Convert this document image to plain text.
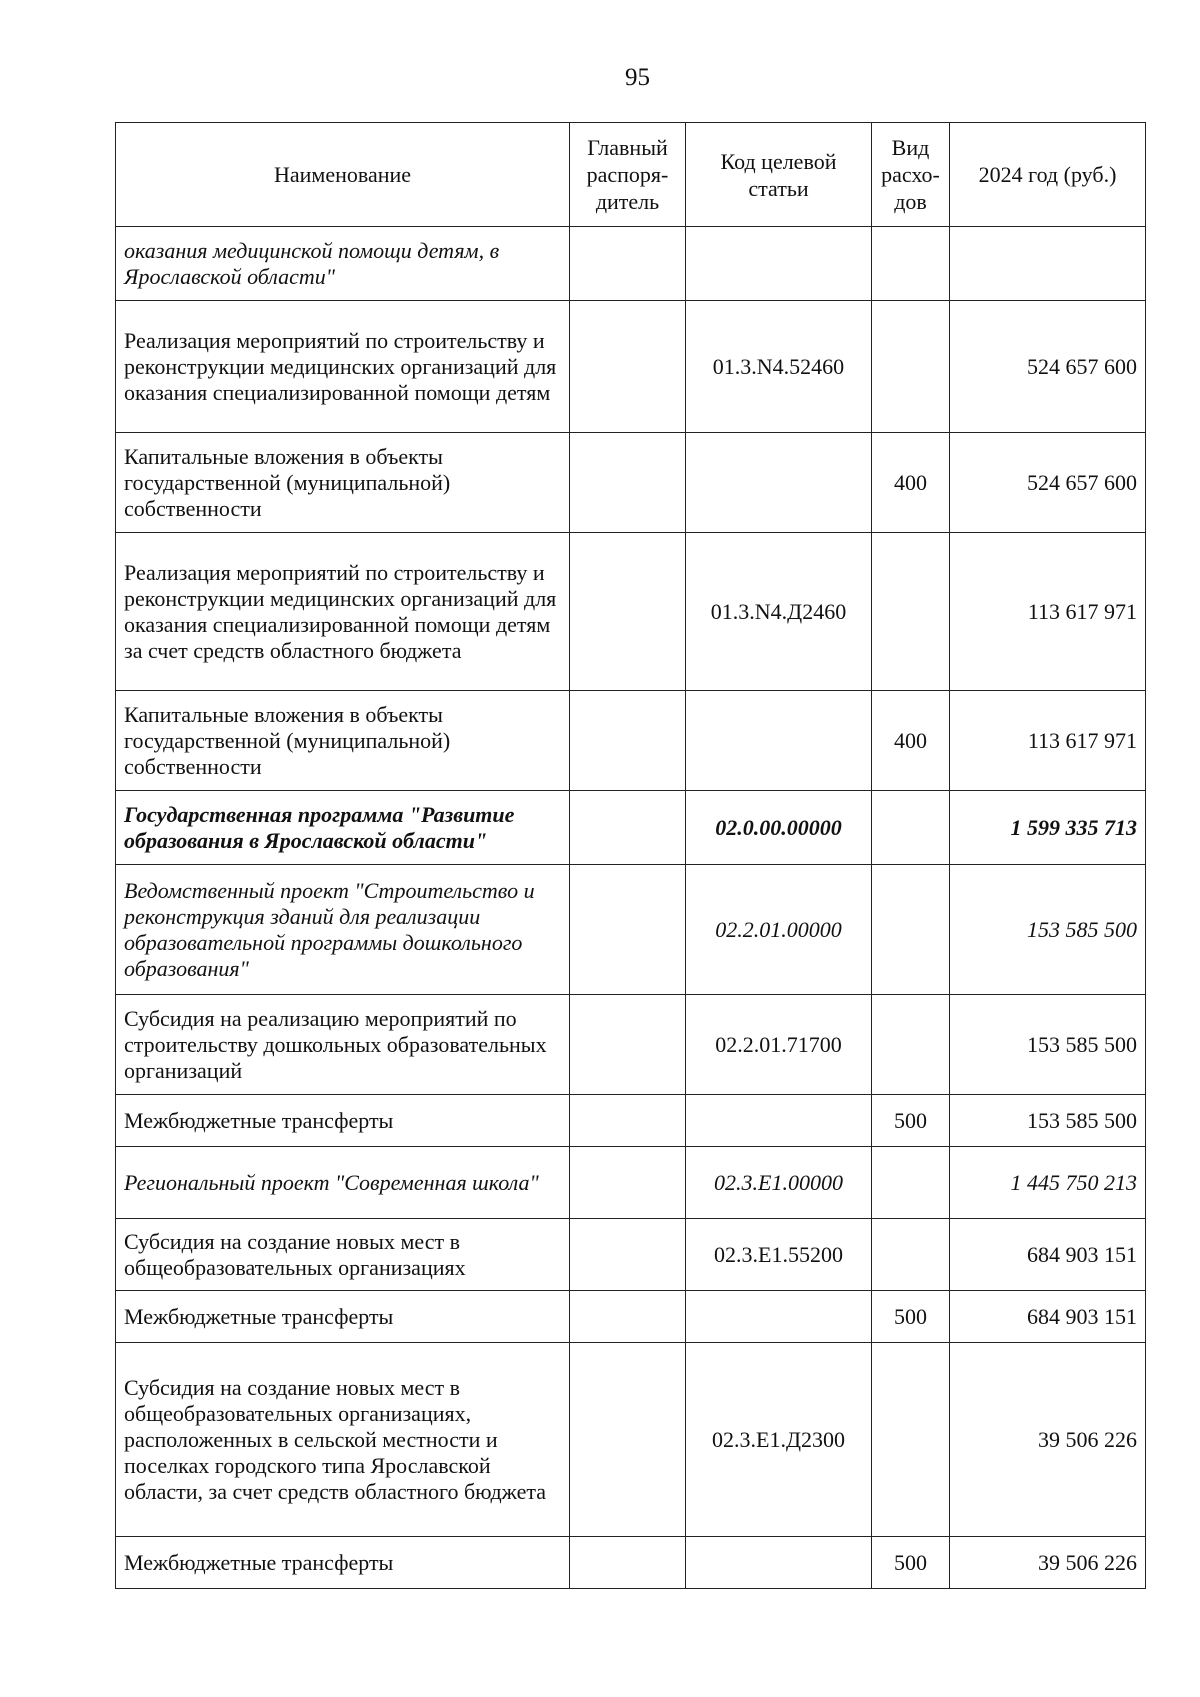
95
Наименование	Главный распоря-дитель	Код целевой статьи	Вид расхо-дов	2024 год (руб.)
оказания медицинской помощи детям, в Ярославской области"				
Реализация мероприятий по строительству и реконструкции медицинских организаций для оказания специализированной помощи детям		01.3.N4.52460		524 657 600
Капитальные вложения в объекты государственной (муниципальной) собственности			400	524 657 600
Реализация мероприятий по строительству и реконструкции медицинских организаций для оказания специализированной помощи детям за счет средств областного бюджета		01.3.N4.Д2460		113 617 971
Капитальные вложения в объекты государственной (муниципальной) собственности			400	113 617 971
Государственная программа "Развитие образования в Ярославской области"		02.0.00.00000		1 599 335 713
Ведомственный проект "Строительство и реконструкция зданий для реализации образовательной программы дошкольного образования"		02.2.01.00000		153 585 500
Субсидия на реализацию мероприятий по строительству дошкольных образовательных организаций		02.2.01.71700		153 585 500
Межбюджетные трансферты			500	153 585 500
Региональный проект "Современная школа"		02.3.E1.00000		1 445 750 213
Субсидия на создание новых мест в общеобразовательных организациях		02.3.E1.55200		684 903 151
Межбюджетные трансферты			500	684 903 151
Субсидия на создание новых мест в общеобразовательных организациях, расположенных в сельской местности и поселках городского типа Ярославской области, за счет средств областного бюджета		02.3.E1.Д2300		39 506 226
Межбюджетные трансферты			500	39 506 226
